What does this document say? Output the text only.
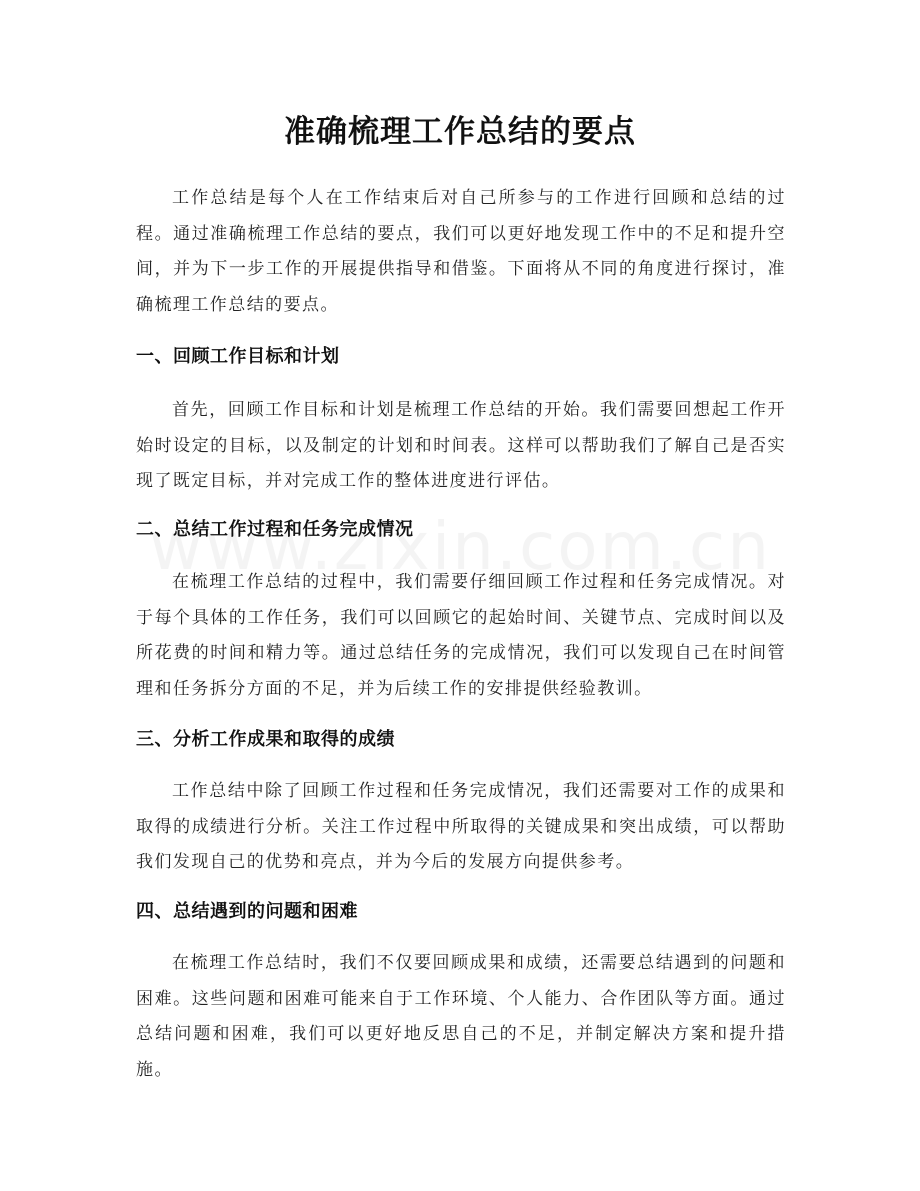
准确梳理工作总结的要点

工作总结是每个人在工作结束后对自己所参与的工作进行回顾和总结的过程。通过准确梳理工作总结的要点，我们可以更好地发现工作中的不足和提升空间，并为下一步工作的开展提供指导和借鉴。下面将从不同的角度进行探讨，准确梳理工作总结的要点。

一、回顾工作目标和计划

首先，回顾工作目标和计划是梳理工作总结的开始。我们需要回想起工作开始时设定的目标，以及制定的计划和时间表。这样可以帮助我们了解自己是否实现了既定目标，并对完成工作的整体进度进行评估。

二、总结工作过程和任务完成情况

在梳理工作总结的过程中，我们需要仔细回顾工作过程和任务完成情况。对于每个具体的工作任务，我们可以回顾它的起始时间、关键节点、完成时间以及所花费的时间和精力等。通过总结任务的完成情况，我们可以发现自己在时间管理和任务拆分方面的不足，并为后续工作的安排提供经验教训。

三、分析工作成果和取得的成绩

工作总结中除了回顾工作过程和任务完成情况，我们还需要对工作的成果和取得的成绩进行分析。关注工作过程中所取得的关键成果和突出成绩，可以帮助我们发现自己的优势和亮点，并为今后的发展方向提供参考。

四、总结遇到的问题和困难

在梳理工作总结时，我们不仅要回顾成果和成绩，还需要总结遇到的问题和困难。这些问题和困难可能来自于工作环境、个人能力、合作团队等方面。通过总结问题和困难，我们可以更好地反思自己的不足，并制定解决方案和提升措施。
